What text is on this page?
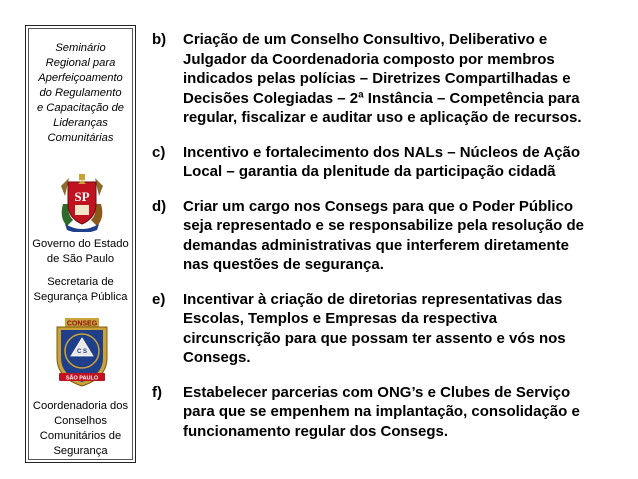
Seminário
Regional para
Aperfeiçoamento
do Regulamento
e Capacitação de
Lideranças
Comunitárias
SP
Governo do Estado
de São Paulo
Secretaria de
Segurança Pública
CONSEG
C S
SÃO PAULO
Coordenadoria dos
Conselhos
Comunitários de
Segurança
b) Criação de um Conselho Consultivo, Deliberativo e
Julgador da Coordenadoria composto por membros
indicados pelas polícias – Diretrizes Compartilhadas e
Decisões Colegiadas – 2ª Instância – Competência para
regular, fiscalizar e auditar uso e aplicação de recursos.
c) Incentivo e fortalecimento dos NALs – Núcleos de Ação
Local – garantia da plenitude da participação cidadã
d) Criar um cargo nos Consegs para que o Poder Público
seja representado e se responsabilize pela resolução de
demandas administrativas que interferem diretamente
nas questões de segurança.
e) Incentivar à criação de diretorias representativas das
Escolas, Templos e Empresas da respectiva
circunscrição para que possam ter assento e vós nos
Consegs.
f) Estabelecer parcerias com ONG’s e Clubes de Serviço
para que se empenhem na implantação, consolidação e
funcionamento regular dos Consegs.
